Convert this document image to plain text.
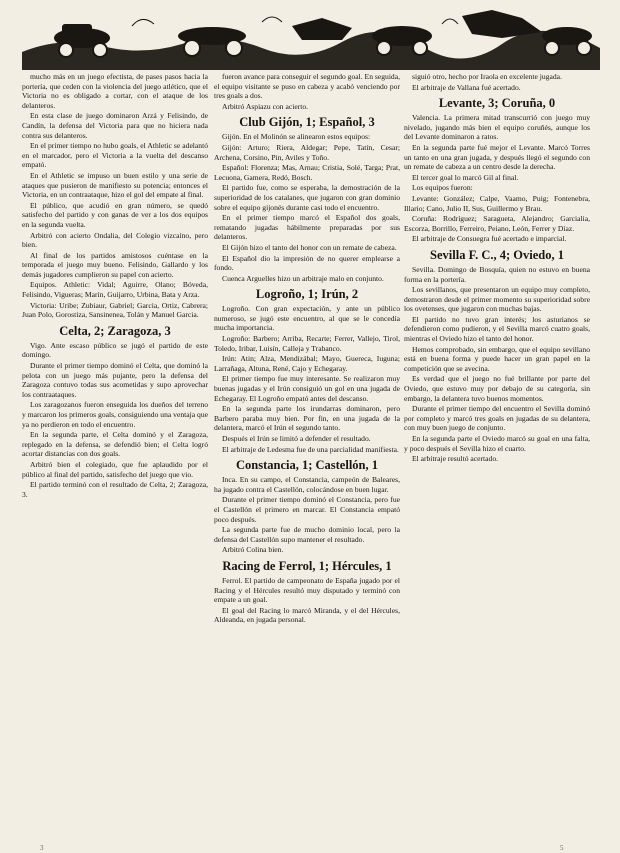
mucho más en un juego efectista, de pases pasos hacia la portería, que ceden con la violencia del juego atlético, que el Victoria no es obligado a cortar, con el ataque de los delanteros.

En esta clase de juego dominaron Arzá y Felisindo, de Candín, la defensa del Victoria para que no hiciera nada contra sus delanteros.

En el primer tiempo no hubo goals, el Athletic se adelantó en el marcador, pero el Victoria a la vuelta del descanso empató.

En el Athletic se impuso un buen estilo y una serie de ataques que pusieron de manifiesto su potencia; entonces el Victoria, en un contraataque, hizo el gol del empate al final.

El público, que acudió en gran número, se quedó satisfecho del partido y con ganas de ver a los dos equipos en la segunda vuelta.

Arbitró con acierto Ondalia, del Colegio vizcaíno, pero bien.

Al final de los partidos amistosos cuéntase en la temporada el juego muy bueno. Felisindo, Gallardo y los demás jugadores cumplieron su papel con acierto.

Equipos. Athletic: Vidal; Aguirre, Olano; Bóveda, Felisindo, Vigueras; Marín, Guijarro, Urbina, Bata y Arza.

Victoria: Uribe; Zubiaur, Gabriel; Garcia, Ortiz, Cabrera; Juan Polo, Gorostiza, Sansinenea, Tolán y Manuel Garcia.

Celta, 2; Zaragoza, 3

Vigo. Ante escaso público se jugó el partido de este domingo.

Durante el primer tiempo dominó el Celta, que dominó la pelota con un juego más pujante, pero la defensa del Zaragoza contuvo todas sus acometidas y supo aprovechar los contraataques.

Los zaragozanos fueron enseguida los dueños del terreno y marcaron los primeros goals, consiguiendo una ventaja que ya no perdieron en todo el encuentro.

En la segunda parte, el Celta dominó y el Zaragoza, replegado en la defensa, se defendió bien; el Celta logró acortar distancias con dos goals.

Arbitró bien el colegiado, que fue aplaudido por el público al final del partido, satisfecho del juego que vio.

El partido terminó con el resultado de Celta, 2; Zaragoza, 3.

fueron avance para conseguir el segundo goal. En seguida, el equipo visitante se puso en cabeza y acabó venciendo por tres goals a dos.

Arbitró Aspiazu con acierto.

Club Gijón, 1; Español, 3

Gijón. En el Molinón se alinearon estos equipos:

Gijón: Arturo; Riera, Aldegar; Pepe, Tatín, Cesar; Archena, Corsino, Pin, Aviles y Toño.

Español: Florenza; Mas, Arnau; Cristia, Solé, Targa; Prat, Lecuona, Gamera, Redó, Bosch.

El partido fue, como se esperaba, la demostración de la superioridad de los catalanes, que jugaron con gran dominio sobre el equipo gijonés durante casi todo el encuentro.

En el primer tiempo marcó el Español dos goals, rematando jugadas hábilmente preparadas por sus delanteros.

El Gijón hizo el tanto del honor con un remate de cabeza.

El Español dio la impresión de no querer emplearse a fondo.

Cuenca Arguelles hizo un arbitraje malo en conjunto.

Logroño, 1; Irún, 2

Logroño. Con gran expectación, y ante un público numeroso, se jugó este encuentro, al que se le concedía mucha importancia.

Logroño: Barbero; Arriba, Recarte; Ferrer, Vallejo, Tirol, Toledo, Iribar, Luisín, Calleja y Trabanco.

Irún: Atin; Alza, Mendizábal; Mayo, Guereca, Iuguna; Larrañaga, Altuna, René, Cajo y Echegaray.

El primer tiempo fue muy interesante. Se realizaron muy buenas jugadas y el Irún consiguió un gol en una jugada de Echegaray. El Logroño empató antes del descanso.

En la segunda parte los irundarras dominaron, pero Barbero paraba muy bien. Por fin, en una jugada de la delantera, marcó el Irún el segundo tanto.

Después el Irún se limitó a defender el resultado.

El arbitraje de Ledesma fue de una parcialidad manifiesta.

Constancia, 1; Castellón, 1

Inca. En su campo, el Constancia, campeón de Baleares, ha jugado contra el Castellón, colocándose en buen lugar.

Durante el primer tiempo dominó el Constancia, pero fue el Castellón el primero en marcar. El Constancia empató poco después.

La segunda parte fue de mucho dominio local, pero la defensa del Castellón supo mantener el resultado.

Arbitró Colina bien.

Racing de Ferrol, 1; Hércules, 1

Ferrol. El partido de campeonato de España jugado por el Racing y el Hércules resultó muy disputado y terminó con empate a un goal.

El goal del Racing lo marcó Miranda, y el del Hércules, Aldeanda, en jugada personal.

siguió otro, hecho por Iraola en excelente jugada.

El arbitraje de Vallana fué acertado.

Levante, 3; Coruña, 0

Valencia. La primera mitad transcurrió con juego muy nivelado, jugando más bien el equipo coruñés, aunque los del Levante dominaron a ratos.

En la segunda parte fué mejor el Levante. Marcó Torres un tanto en una gran jugada, y después llegó el segundo con un remate de cabeza a un centro desde la derecha.

El tercer goal lo marcó Gil al final.

Los equipos fueron:

Levante: González; Calpe, Vaamo, Puig; Fontenebra, Illario; Cano, Julio II, Sus, Guillermo y Brau.

Coruña: Rodríguez; Saragueta, Alejandro; Garcialia, Escorza, Borrillo, Ferreiro, Peiano, León, Ferrer y Díaz.

El arbitraje de Consuegra fué acertado e imparcial.

Sevilla F. C., 4; Oviedo, 1

Sevilla. Domingo de Bosquía, quien no estuvo en buena forma en la portería.

Los sevillanos, que presentaron un equipo muy completo, demostraron desde el primer momento su superioridad sobre los ovetenses, que jugaron con muchas bajas.

El partido no tuvo gran interés; los asturianos se defendieron como pudieron, y el Sevilla marcó cuatro goals, mientras el Oviedo hizo el tanto del honor.

Hemos comprobado, sin embargo, que el equipo sevillano está en buena forma y puede hacer un gran papel en la competición que se avecina.

Es verdad que el juego no fué brillante por parte del Oviedo, que estuvo muy por debajo de su categoría, sin embargo, la delantera tuvo buenos momentos.

Durante el primer tiempo del encuentro el Sevilla dominó por completo y marcó tres goals en jugadas de su delantera, con muy buen juego de conjunto.

En la segunda parte el Oviedo marcó su goal en una falta, y poco después el Sevilla hizo el cuarto.

El arbitraje resultó acertado.

3	5
